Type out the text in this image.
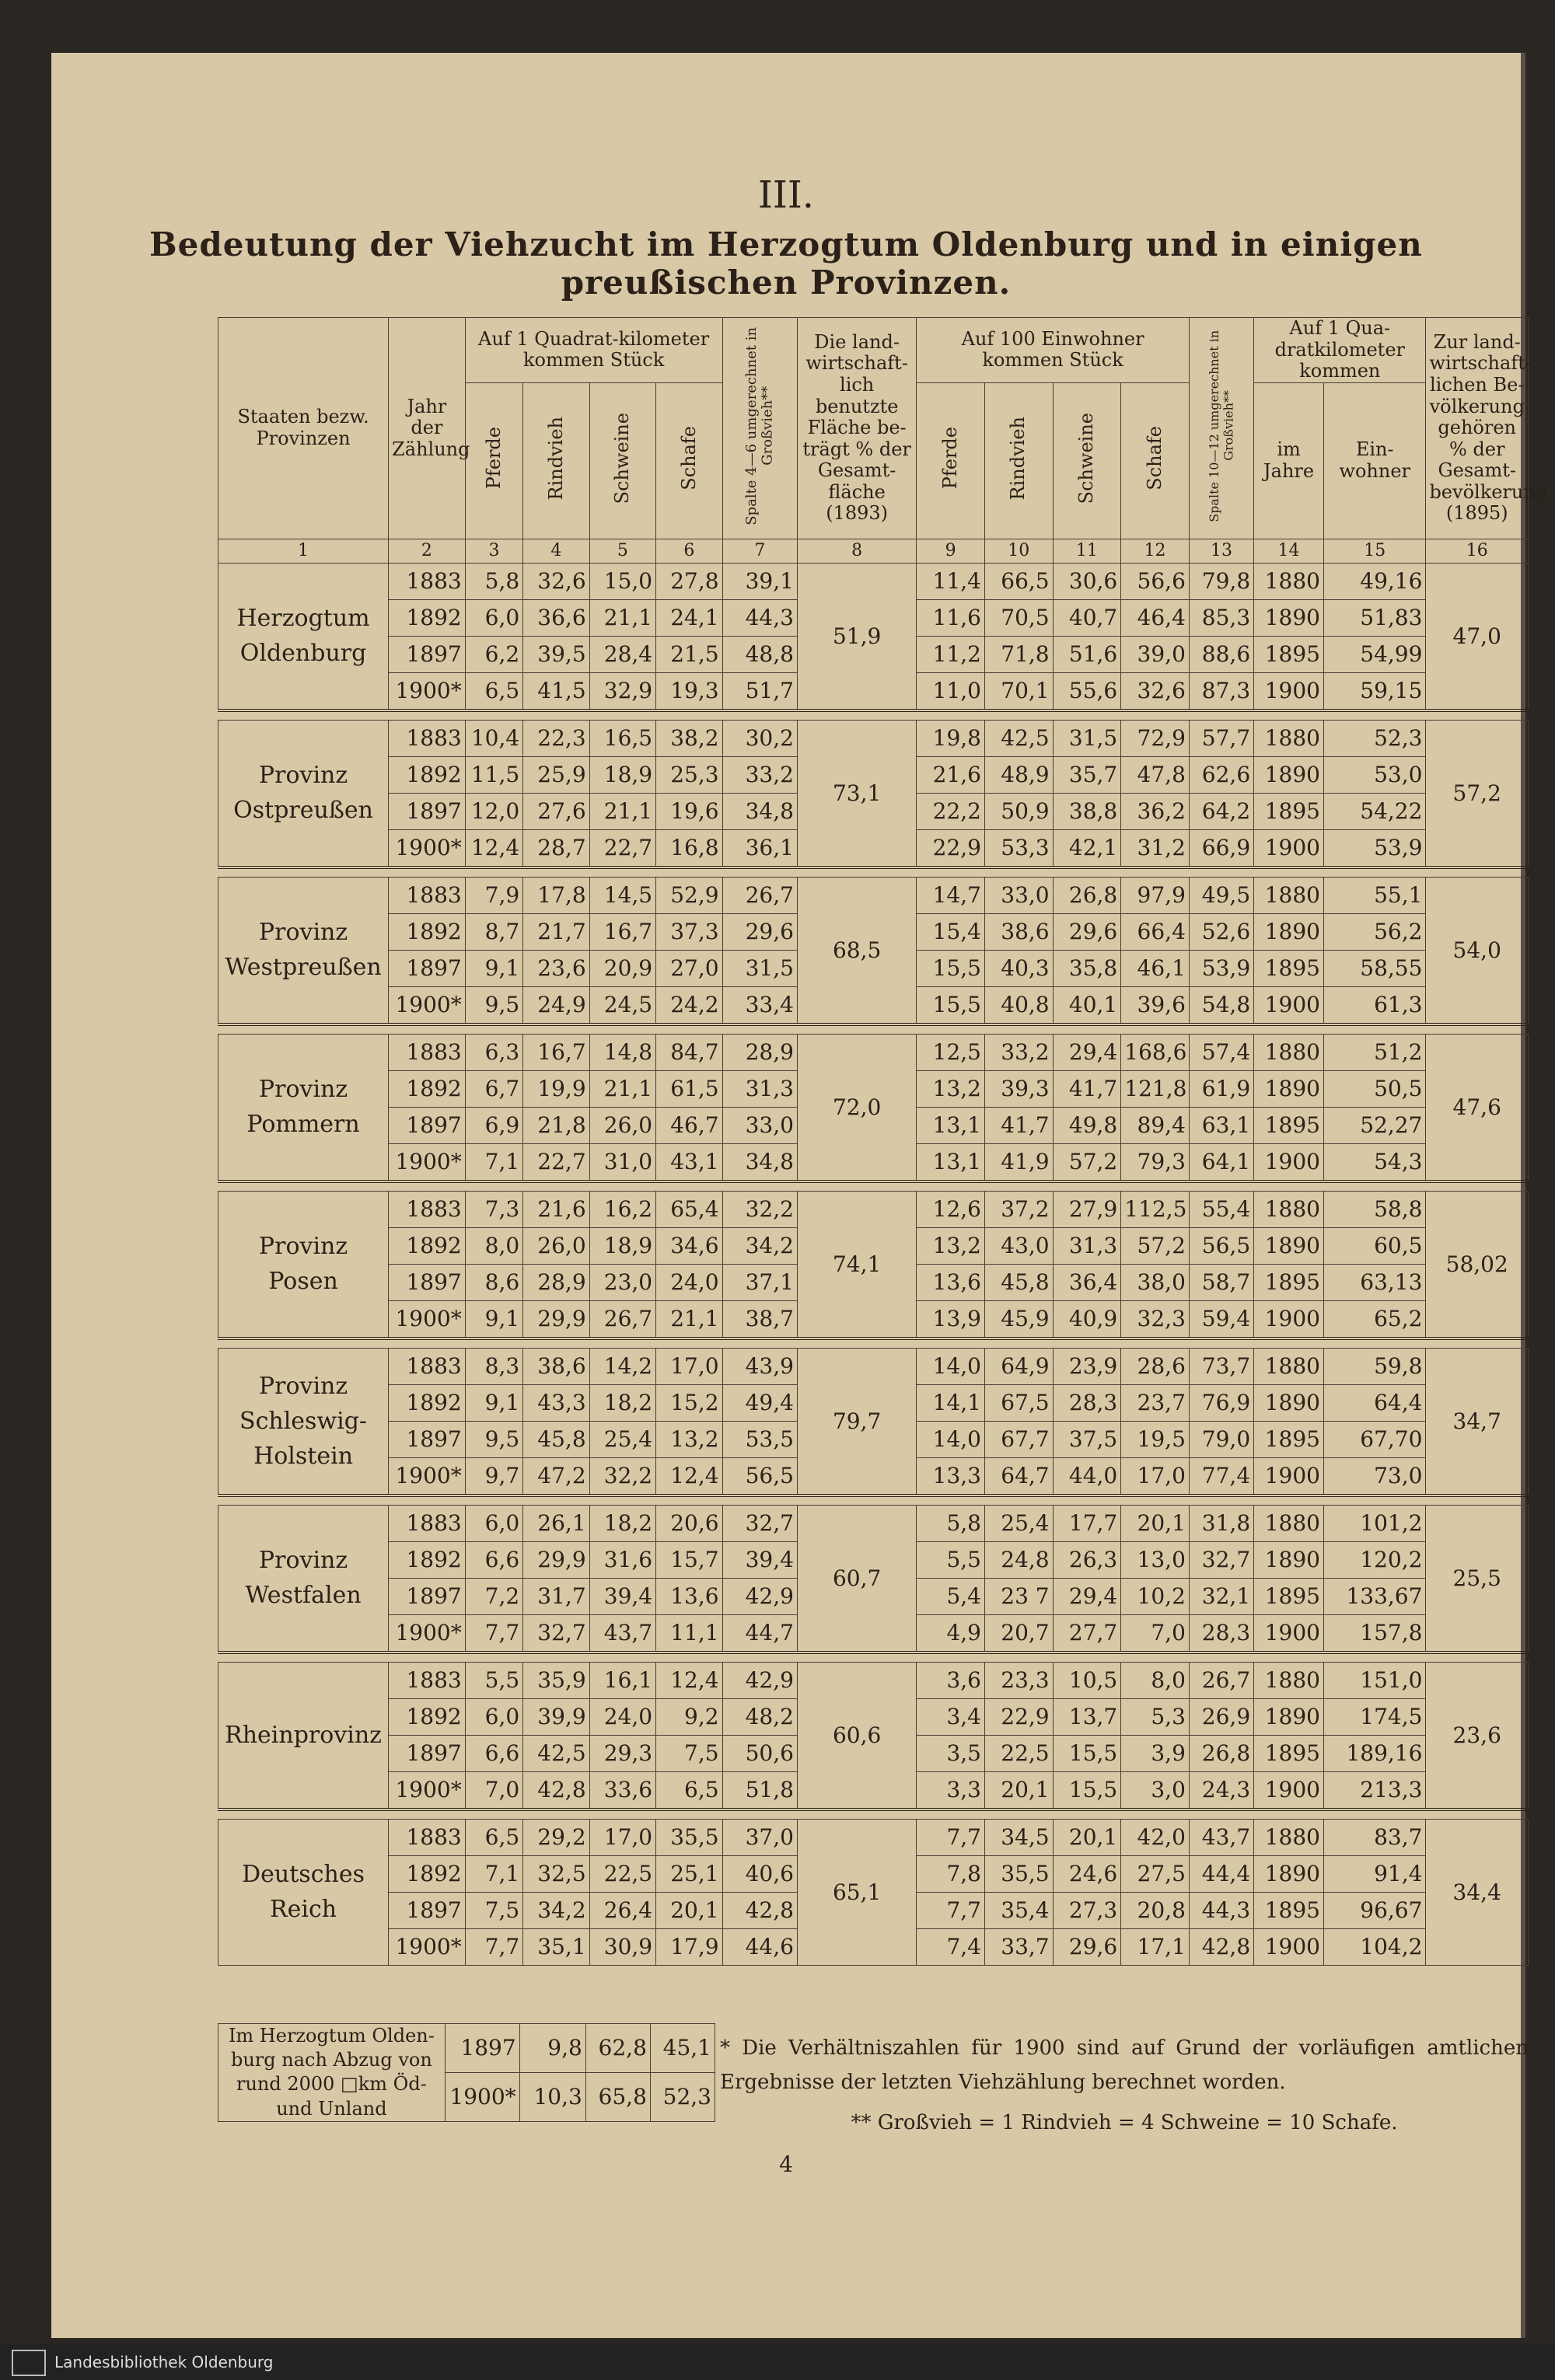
III.
Bedeutung der Viehzucht im Herzogtum Oldenburg und in einigen preußischen Provinzen.
Staaten bezw. Provinzen	Jahr der Zählung	Auf 1 Quadrat-kilometer kommen Stück				Spalte 4—6 umgerechnet in Großvieh**	Die land-wirtschaft-lich benutzte Fläche be-trägt % der Gesamt-fläche (1893)	Auf 100 Einwohner kommen Stück				Spalte 10—12 umgerechnet in Großvieh**	Auf 1 Qua-dratkilometer kommen		Zur land-wirtschaft-lichen Be-völkerung gehören % der Gesamt-bevölkerung (1895)
		Pferde	Rindvieh	Schweine	Schafe			Pferde	Rindvieh	Schweine	Schafe		im Jahre	Ein-wohner	
1	2	3	4	5	6	7	8	9	10	11	12	13	14	15	16
Herzogtum Oldenburg	1883	5,8	32,6	15,0	27,8	39,1	51,9	11,4	66,5	30,6	56,6	79,8	1880	49,16	47,0
	1892	6,0	36,6	21,1	24,1	44,3		11,6	70,5	40,7	46,4	85,3	1890	51,83	
	1897	6,2	39,5	28,4	21,5	48,8		11,2	71,8	51,6	39,0	88,6	1895	54,99	
	1900*	6,5	41,5	32,9	19,3	51,7		11,0	70,1	55,6	32,6	87,3	1900	59,15	

Provinz Ostpreußen	1883	10,4	22,3	16,5	38,2	30,2	73,1	19,8	42,5	31,5	72,9	57,7	1880	52,3	57,2
	1892	11,5	25,9	18,9	25,3	33,2		21,6	48,9	35,7	47,8	62,6	1890	53,0	
	1897	12,0	27,6	21,1	19,6	34,8		22,2	50,9	38,8	36,2	64,2	1895	54,22	
	1900*	12,4	28,7	22,7	16,8	36,1		22,9	53,3	42,1	31,2	66,9	1900	53,9	

Provinz Westpreußen	1883	7,9	17,8	14,5	52,9	26,7	68,5	14,7	33,0	26,8	97,9	49,5	1880	55,1	54,0
	1892	8,7	21,7	16,7	37,3	29,6		15,4	38,6	29,6	66,4	52,6	1890	56,2	
	1897	9,1	23,6	20,9	27,0	31,5		15,5	40,3	35,8	46,1	53,9	1895	58,55	
	1900*	9,5	24,9	24,5	24,2	33,4		15,5	40,8	40,1	39,6	54,8	1900	61,3	

Provinz Pommern	1883	6,3	16,7	14,8	84,7	28,9	72,0	12,5	33,2	29,4	168,6	57,4	1880	51,2	47,6
	1892	6,7	19,9	21,1	61,5	31,3		13,2	39,3	41,7	121,8	61,9	1890	50,5	
	1897	6,9	21,8	26,0	46,7	33,0		13,1	41,7	49,8	89,4	63,1	1895	52,27	
	1900*	7,1	22,7	31,0	43,1	34,8		13,1	41,9	57,2	79,3	64,1	1900	54,3	

Provinz Posen	1883	7,3	21,6	16,2	65,4	32,2	74,1	12,6	37,2	27,9	112,5	55,4	1880	58,8	58,02
	1892	8,0	26,0	18,9	34,6	34,2		13,2	43,0	31,3	57,2	56,5	1890	60,5	
	1897	8,6	28,9	23,0	24,0	37,1		13,6	45,8	36,4	38,0	58,7	1895	63,13	
	1900*	9,1	29,9	26,7	21,1	38,7		13,9	45,9	40,9	32,3	59,4	1900	65,2	

Provinz Schleswig-Holstein	1883	8,3	38,6	14,2	17,0	43,9	79,7	14,0	64,9	23,9	28,6	73,7	1880	59,8	34,7
	1892	9,1	43,3	18,2	15,2	49,4		14,1	67,5	28,3	23,7	76,9	1890	64,4	
	1897	9,5	45,8	25,4	13,2	53,5		14,0	67,7	37,5	19,5	79,0	1895	67,70	
	1900*	9,7	47,2	32,2	12,4	56,5		13,3	64,7	44,0	17,0	77,4	1900	73,0	

Provinz Westfalen	1883	6,0	26,1	18,2	20,6	32,7	60,7	5,8	25,4	17,7	20,1	31,8	1880	101,2	25,5
	1892	6,6	29,9	31,6	15,7	39,4		5,5	24,8	26,3	13,0	32,7	1890	120,2	
	1897	7,2	31,7	39,4	13,6	42,9		5,4	23 7	29,4	10,2	32,1	1895	133,67	
	1900*	7,7	32,7	43,7	11,1	44,7		4,9	20,7	27,7	7,0	28,3	1900	157,8	

Rheinprovinz	1883	5,5	35,9	16,1	12,4	42,9	60,6	3,6	23,3	10,5	8,0	26,7	1880	151,0	23,6
	1892	6,0	39,9	24,0	9,2	48,2		3,4	22,9	13,7	5,3	26,9	1890	174,5	
	1897	6,6	42,5	29,3	7,5	50,6		3,5	22,5	15,5	3,9	26,8	1895	189,16	
	1900*	7,0	42,8	33,6	6,5	51,8		3,3	20,1	15,5	3,0	24,3	1900	213,3	

Deutsches Reich	1883	6,5	29,2	17,0	35,5	37,0	65,1	7,7	34,5	20,1	42,0	43,7	1880	83,7	34,4
	1892	7,1	32,5	22,5	25,1	40,6		7,8	35,5	24,6	27,5	44,4	1890	91,4	
	1897	7,5	34,2	26,4	20,1	42,8		7,7	35,4	27,3	20,8	44,3	1895	96,67	
	1900*	7,7	35,1	30,9	17,9	44,6		7,4	33,7	29,6	17,1	42,8	1900	104,2	
Im Herzogtum Olden-burg nach Abzug von rund 2000 □km Öd- und Unland	1897	9,8	62,8	45,1
	1900*	10,3	65,8	52,3
* Die Verhältniszahlen für 1900 sind auf Grund der vorläufigen amtlichen Ergebnisse der letzten Viehzählung berechnet worden.
** Großvieh = 1 Rindvieh = 4 Schweine = 10 Schafe.
4
Landesbibliothek Oldenburg
